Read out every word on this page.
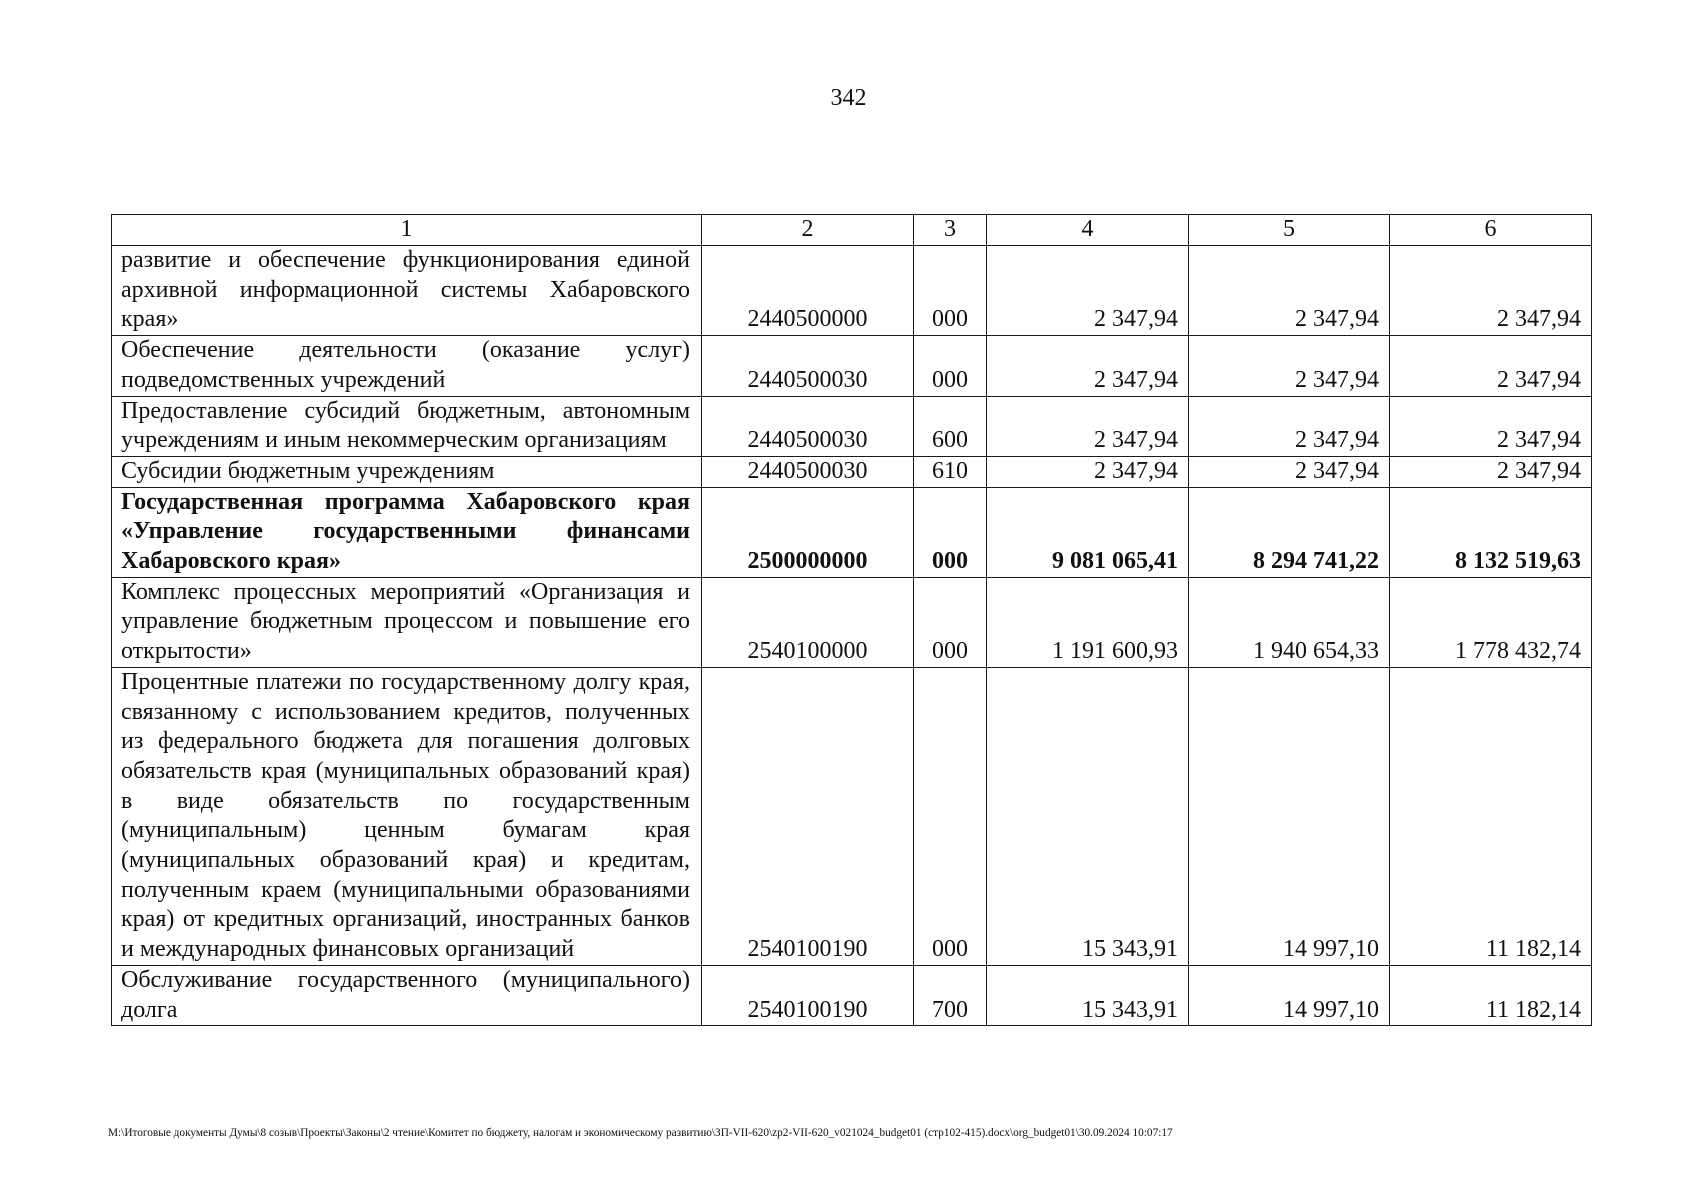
342
1	2	3	4	5	6
развитие и обеспечение функционирования единой архивной информационной системы Хабаровского края»	2440500000	000	2 347,94	2 347,94	2 347,94
Обеспечение деятельности (оказание услуг) подведомственных учреждений	2440500030	000	2 347,94	2 347,94	2 347,94
Предоставление субсидий бюджетным, автономным учреждениям и иным некоммерческим организациям	2440500030	600	2 347,94	2 347,94	2 347,94
Субсидии бюджетным учреждениям	2440500030	610	2 347,94	2 347,94	2 347,94
Государственная программа Хабаровского края «Управление государственными финансами Хабаровского края»	2500000000	000	9 081 065,41	8 294 741,22	8 132 519,63
Комплекс процессных мероприятий «Организация и управление бюджетным процессом и повышение его открытости»	2540100000	000	1 191 600,93	1 940 654,33	1 778 432,74
Процентные платежи по государственному долгу края, связанному с использованием кредитов, полученных из федерального бюджета для погашения долговых обязательств края (муниципальных образований края) в виде обязательств по государственным (муниципальным) ценным бумагам края (муниципальных образований края) и кредитам, полученным краем (муниципальными образованиями края) от кредитных организаций, иностранных банков и международных финансовых организаций	2540100190	000	15 343,91	14 997,10	11 182,14
Обслуживание государственного (муниципального) долга	2540100190	700	15 343,91	14 997,10	11 182,14
М:\Итоговые документы Думы\8 созыв\Проекты\Законы\2 чтение\Комитет по бюджету, налогам и экономическому развитию\ЗП-VII-620\zp2-VII-620_v021024_budget01 (стр102-415).docx\org_budget01\30.09.2024 10:07:17
